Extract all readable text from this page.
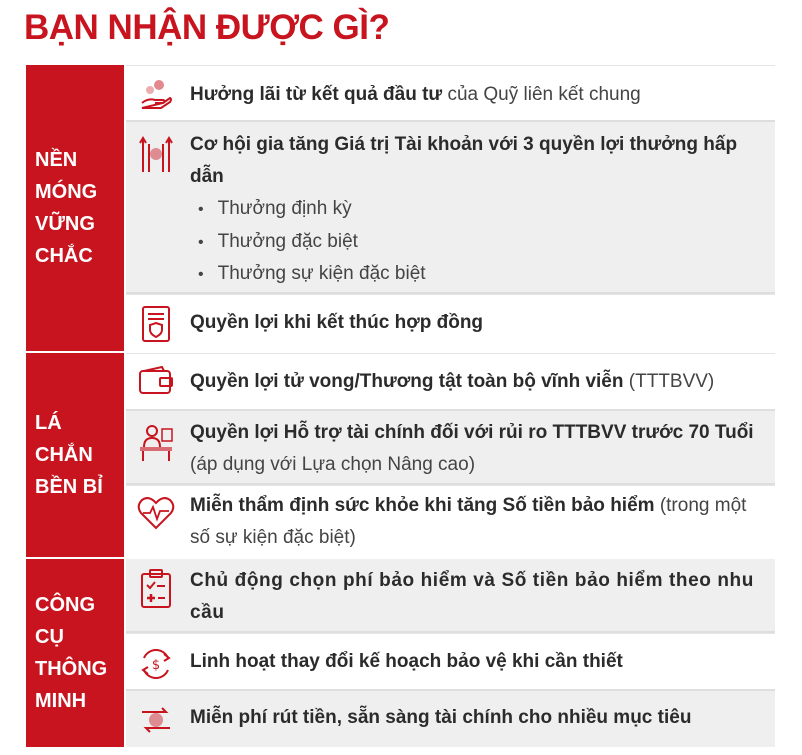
BẠN NHẬN ĐƯỢC GÌ?
NỀN
MÓNG
VỮNG
CHẮC
Hưởng lãi từ kết quả đầu tư của Quỹ liên kết chung
Cơ hội gia tăng Giá trị Tài khoản với 3 quyền lợi thưởng hấp dẫn
• Thưởng định kỳ
• Thưởng đặc biệt
• Thưởng sự kiện đặc biệt
Quyền lợi khi kết thúc hợp đồng
LÁ
CHẮN
BỀN BỈ
Quyền lợi tử vong/Thương tật toàn bộ vĩnh viễn (TTTBVV)
Quyền lợi Hỗ trợ tài chính đối với rủi ro TTTBVV trước 70 Tuổi (áp dụng với Lựa chọn Nâng cao)
Miễn thẩm định sức khỏe khi tăng Số tiền bảo hiểm (trong một số sự kiện đặc biệt)
CÔNG
CỤ
THÔNG
MINH
Chủ động chọn phí bảo hiểm và Số tiền bảo hiểm theo nhu cầu
$	Linh hoạt thay đổi kế hoạch bảo vệ khi cần thiết
Miễn phí rút tiền, sẵn sàng tài chính cho nhiều mục tiêu
